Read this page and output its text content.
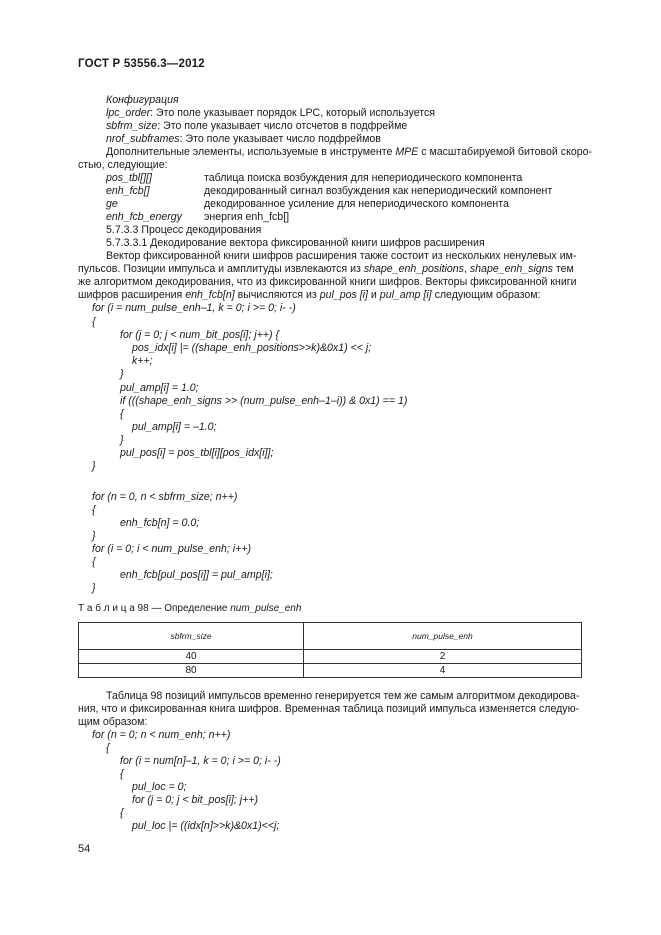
ГОСТ Р 53556.3—2012
Конфигурация
lpc_order: Это поле указывает порядок LPC, который используется
sbfrm_size: Это поле указывает число отсчетов в подфрейме
nrof_subframes: Это поле указывает число подфреймов
Дополнительные элементы, используемые в инструменте MPE с масштабируемой битовой скоро-
стью, следующие:
pos_tbl[][]	таблица поиска возбуждения для непериодического компонента
enh_fcb[]	декодированный сигнал возбуждения как непериодический компонент
ge	декодированное усиление для непериодического компонента
enh_fcb_energy энергия enh_fcb[]
5.7.3.3 Процесс декодирования
5.7.3.3.1 Декодирование вектора фиксированной книги шифров расширения
Вектор фиксированной книги шифров расширения также состоит из нескольких ненулевых им-
пульсов. Позиции импульса и амплитуды извлекаются из shape_enh_positions, shape_enh_signs тем
же алгоритмом декодирования, что из фиксированной книги шифров. Векторы фиксированной книги
шифров расширения enh_fcb[n] вычисляются из pul_pos [i] и pul_amp [i] следующим образом:
for (i = num_pulse_enh–1, k = 0; i >= 0; i- -)
{
for (j = 0; j < num_bit_pos[i]; j++) {
pos_idx[i] |= ((shape_enh_positions>>k)&0x1) << j;
k++;
}
pul_amp[i] = 1.0;
if (((shape_enh_signs >> (num_pulse_enh–1–i)) & 0x1) == 1)
{
pul_amp[i] = –1.0;
}
pul_pos[i] = pos_tbl[i][pos_idx[i]];
}
for (n = 0, n < sbfrm_size; n++)
{
enh_fcb[n] = 0.0;
}
for (i = 0; i < num_pulse_enh; i++)
{
enh_fcb[pul_pos[i]] = pul_amp[i];
}
Т а б л и ц а 98 — Определение num_pulse_enh
sbfrm_size	num_pulse_enh
40	2
80	4
Таблица 98 позиций импульсов временно генерируется тем же самым алгоритмом декодирова-
ния, что и фиксированная книга шифров. Временная таблица позиций импульса изменяется следую-
щим образом:
for (n = 0; n < num_enh; n++)
{
for (i = num[n]–1, k = 0; i >= 0; i- -)
{
pul_loc = 0;
for (j = 0; j < bit_pos[i]; j++)
{
pul_loc |= ((idx[n]>>k)&0x1)<<j;
54
